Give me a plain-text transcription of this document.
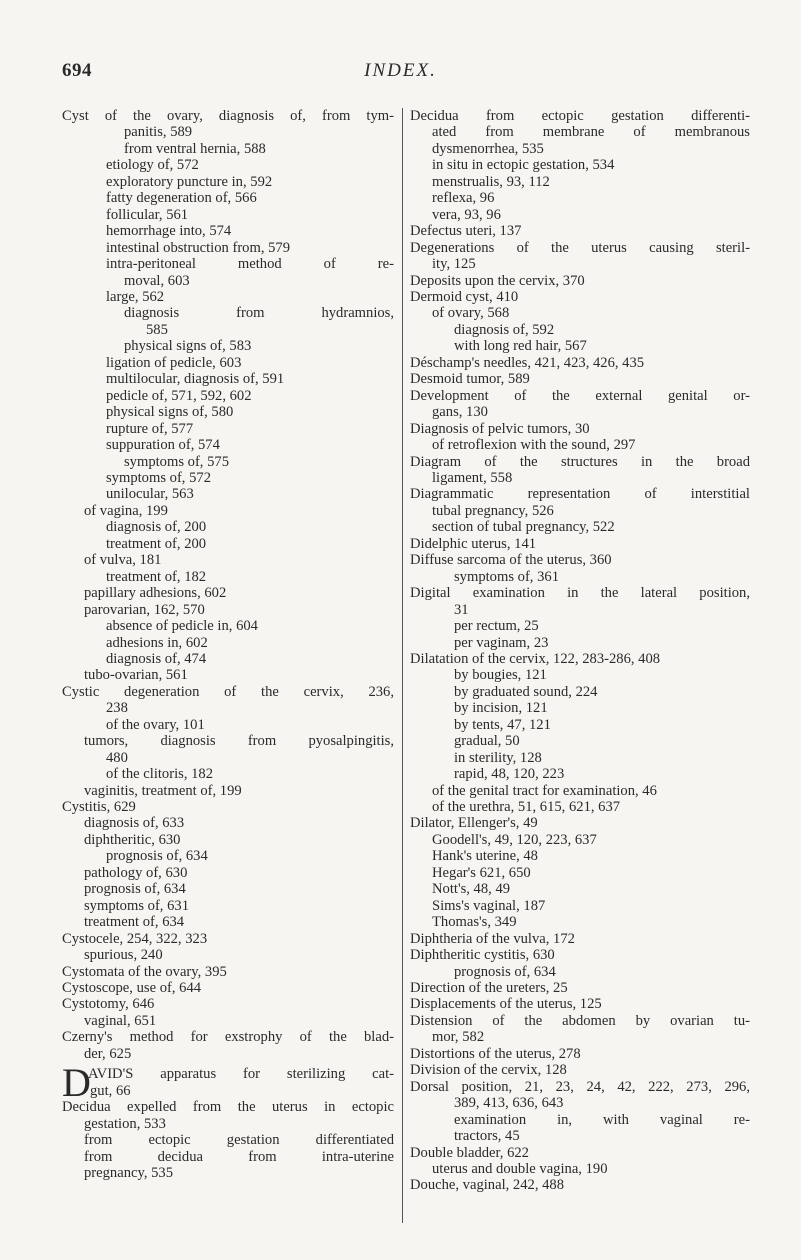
694	INDEX.
Cyst of the ovary, diagnosis of, from tym-
panitis, 589
from ventral hernia, 588
etiology of, 572
exploratory puncture in, 592
fatty degeneration of, 566
follicular, 561
hemorrhage into, 574
intestinal obstruction from, 579
intra-peritoneal method of re-
moval, 603
large, 562
diagnosis from hydramnios,
585
physical signs of, 583
ligation of pedicle, 603
multilocular, diagnosis of, 591
pedicle of, 571, 592, 602
physical signs of, 580
rupture of, 577
suppuration of, 574
symptoms of, 575
symptoms of, 572
unilocular, 563
of vagina, 199
diagnosis of, 200
treatment of, 200
of vulva, 181
treatment of, 182
papillary adhesions, 602
parovarian, 162, 570
absence of pedicle in, 604
adhesions in, 602
diagnosis of, 474
tubo-ovarian, 561
Cystic degeneration of the cervix, 236,
238
of the ovary, 101
tumors, diagnosis from pyosalpingitis,
480
of the clitoris, 182
vaginitis, treatment of, 199
Cystitis, 629
diagnosis of, 633
diphtheritic, 630
prognosis of, 634
pathology of, 630
prognosis of, 634
symptoms of, 631
treatment of, 634
Cystocele, 254, 322, 323
spurious, 240
Cystomata of the ovary, 395
Cystoscope, use of, 644
Cystotomy, 646
vaginal, 651
Czerny's method for exstrophy of the blad-
der, 625
D
AVID'S apparatus for sterilizing cat-
gut, 66
Decidua expelled from the uterus in ectopic
gestation, 533
from ectopic gestation differentiated
from decidua from intra-uterine
pregnancy, 535
Decidua from ectopic gestation differenti-
ated from membrane of membranous
dysmenorrhea, 535
in situ in ectopic gestation, 534
menstrualis, 93, 112
reflexa, 96
vera, 93, 96
Defectus uteri, 137
Degenerations of the uterus causing steril-
ity, 125
Deposits upon the cervix, 370
Dermoid cyst, 410
of ovary, 568
diagnosis of, 592
with long red hair, 567
Déschamp's needles, 421, 423, 426, 435
Desmoid tumor, 589
Development of the external genital or-
gans, 130
Diagnosis of pelvic tumors, 30
of retroflexion with the sound, 297
Diagram of the structures in the broad
ligament, 558
Diagrammatic representation of interstitial
tubal pregnancy, 526
section of tubal pregnancy, 522
Didelphic uterus, 141
Diffuse sarcoma of the uterus, 360
symptoms of, 361
Digital examination in the lateral position,
31
per rectum, 25
per vaginam, 23
Dilatation of the cervix, 122, 283-286, 408
by bougies, 121
by graduated sound, 224
by incision, 121
by tents, 47, 121
gradual, 50
in sterility, 128
rapid, 48, 120, 223
of the genital tract for examination, 46
of the urethra, 51, 615, 621, 637
Dilator, Ellenger's, 49
Goodell's, 49, 120, 223, 637
Hank's uterine, 48
Hegar's 621, 650
Nott's, 48, 49
Sims's vaginal, 187
Thomas's, 349
Diphtheria of the vulva, 172
Diphtheritic cystitis, 630
prognosis of, 634
Direction of the ureters, 25
Displacements of the uterus, 125
Distension of the abdomen by ovarian tu-
mor, 582
Distortions of the uterus, 278
Division of the cervix, 128
Dorsal position, 21, 23, 24, 42, 222, 273, 296,
389, 413, 636, 643
examination in, with vaginal re-
tractors, 45
Double bladder, 622
uterus and double vagina, 190
Douche, vaginal, 242, 488
